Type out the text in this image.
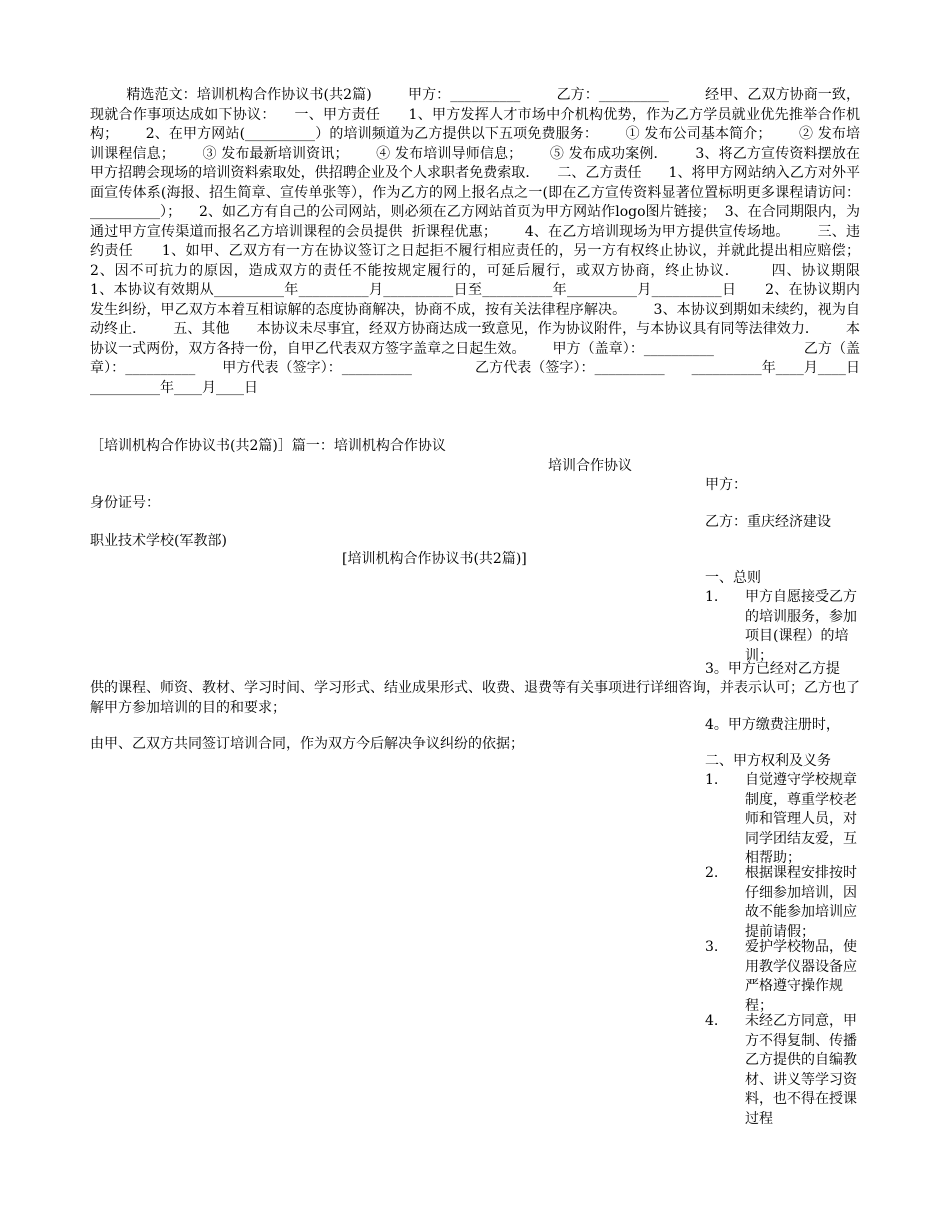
精选范文：培训机构合作协议书(共2篇)        甲方：__________        乙方：__________        经甲、乙双方协商一致，现就合作事项达成如下协议：    一、甲方责任      1、甲方发挥人才市场中介机构优势，作为乙方学员就业优先推举合作机构；      2、在甲方网站(__________）的培训频道为乙方提供以下五项免费服务：      ① 发布公司基本简介；      ② 发布培训课程信息；      ③ 发布最新培训资讯；      ④ 发布培训导师信息；      ⑤ 发布成功案例．      3、将乙方宣传资料摆放在甲方招聘会现场的培训资料索取处，供招聘企业及个人求职者免费索取．    二、乙方责任      1、将甲方网站纳入乙方对外平面宣传体系(海报、招生简章、宣传单张等），作为乙方的网上报名点之一(即在乙方宣传资料显著位置标明更多课程请访问：__________）；    2、如乙方有自己的公司网站，则必须在乙方网站首页为甲方网站作logo图片链接；  3、在合同期限内，为通过甲方宣传渠道而报名乙方培训课程的会员提供  折课程优惠；      4、在乙方培训现场为甲方提供宣传场地。      三、违约责任      1、如甲、乙双方有一方在协议签订之日起拒不履行相应责任的，另一方有权终止协议，并就此提出相应赔偿；      2、因不可抗力的原因，造成双方的责任不能按规定履行的，可延后履行，或双方协商，终止协议．      四、协议期限      1、本协议有效期从__________年__________月__________日至__________年__________月__________日      2、在协议期内发生纠纷，甲乙双方本着互相谅解的态度协商解决，协商不成，按有关法律程序解决。      3、本协议到期如未续约，视为自动终止．      五、其他      本协议未尽事宜，经双方协商达成一致意见，作为协议附件，与本协议具有同等法律效力．      本协议一式两份，双方各持一份，自甲乙代表双方签字盖章之日起生效。      甲方（盖章）：__________                    乙方（盖章）：__________      甲方代表（签字）：__________              乙方代表（签字）：__________      __________年____月____日                    __________年____月____日
［培训机构合作协议书(共2篇)］篇一：培训机构合作协议
培训合作协议
甲方：
身份证号：
乙方：重庆经济建设
职业技术学校(军教部)
[培训机构合作协议书(共2篇)]
一、总则
1.	甲方自愿接受乙方的培训服务，参加　　项目(课程）的培训；
3。甲方已经对乙方提
供的课程、师资、教材、学习时间、学习形式、结业成果形式、收费、退费等有关事项进行详细咨询，并表示认可；乙方也了解甲方参加培训的目的和要求；
4。甲方缴费注册时，
由甲、乙双方共同签订培训合同，作为双方今后解决争议纠纷的依据；
二、甲方权利及义务
1.	自觉遵守学校规章制度，尊重学校老师和管理人员，对同学团结友爱，互相帮助；
2.	根据课程安排按时仔细参加培训，因故不能参加培训应提前请假；
3.	爱护学校物品，使用教学仪器设备应严格遵守操作规程；
4.	未经乙方同意，甲方不得复制、传播乙方提供的自编教材、讲义等学习资料，也不得在授课过程
